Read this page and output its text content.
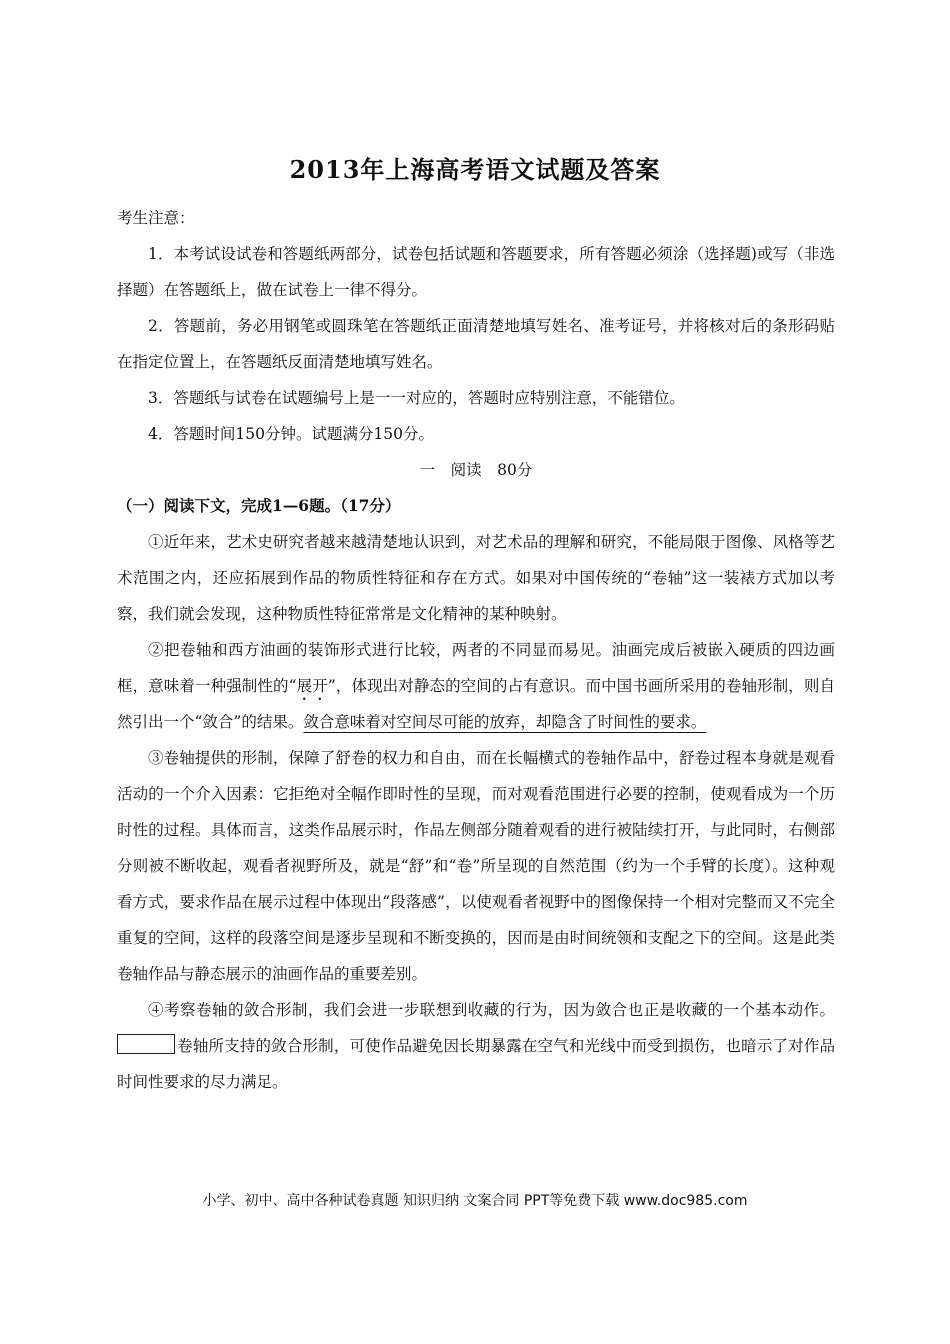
2013年上海高考语文试题及答案

考生注意：

1．本考试设试卷和答题纸两部分，试卷包括试题和答题要求，所有答题必须涂（选择题)或写（非选择题）在答题纸上，做在试卷上一律不得分。

2．答题前，务必用钢笔或圆珠笔在答题纸正面清楚地填写姓名、准考证号，并将核对后的条形码贴在指定位置上，在答题纸反面清楚地填写姓名。

3．答题纸与试卷在试题编号上是一一对应的，答题时应特别注意，不能错位。

4．答题时间150分钟。试题满分150分。

一　阅读　80分

（一）阅读下文，完成1—6题。（17分）

①近年来，艺术史研究者越来越清楚地认识到，对艺术品的理解和研究，不能局限于图像、风格等艺术范围之内，还应拓展到作品的物质性特征和存在方式。如果对中国传统的“卷轴”这一装裱方式加以考察，我们就会发现，这种物质性特征常常是文化精神的某种映射。

②把卷轴和西方油画的装饰形式进行比较，两者的不同显而易见。油画完成后被嵌入硬质的四边画框，意味着一种强制性的“展开”，体现出对静态的空间的占有意识。而中国书画所采用的卷轴形制，则自然引出一个“敛合”的结果。敛合意味着对空间尽可能的放弃，却隐含了时间性的要求。

③卷轴提供的形制，保障了舒卷的权力和自由，而在长幅横式的卷轴作品中，舒卷过程本身就是观看活动的一个介入因素：它拒绝对全幅作即时性的呈现，而对观看范围进行必要的控制，使观看成为一个历时性的过程。具体而言，这类作品展示时，作品左侧部分随着观看的进行被陆续打开，与此同时，右侧部分则被不断收起，观看者视野所及，就是“舒”和“卷”所呈现的自然范围（约为一个手臂的长度）。这种观看方式，要求作品在展示过程中体现出“段落感”，以使观看者视野中的图像保持一个相对完整而又不完全重复的空间，这样的段落空间是逐步呈现和不断变换的，因而是由时间统领和支配之下的空间。这是此类卷轴作品与静态展示的油画作品的重要差别。

④考察卷轴的敛合形制，我们会进一步联想到收藏的行为，因为敛合也正是收藏的一个基本动作。卷轴所支持的敛合形制，可使作品避免因长期暴露在空气和光线中而受到损伤，也暗示了对作品时间性要求的尽力满足。

小学、初中、高中各种试卷真题 知识归纳 文案合同 PPT等免费下载 www.doc985.com
